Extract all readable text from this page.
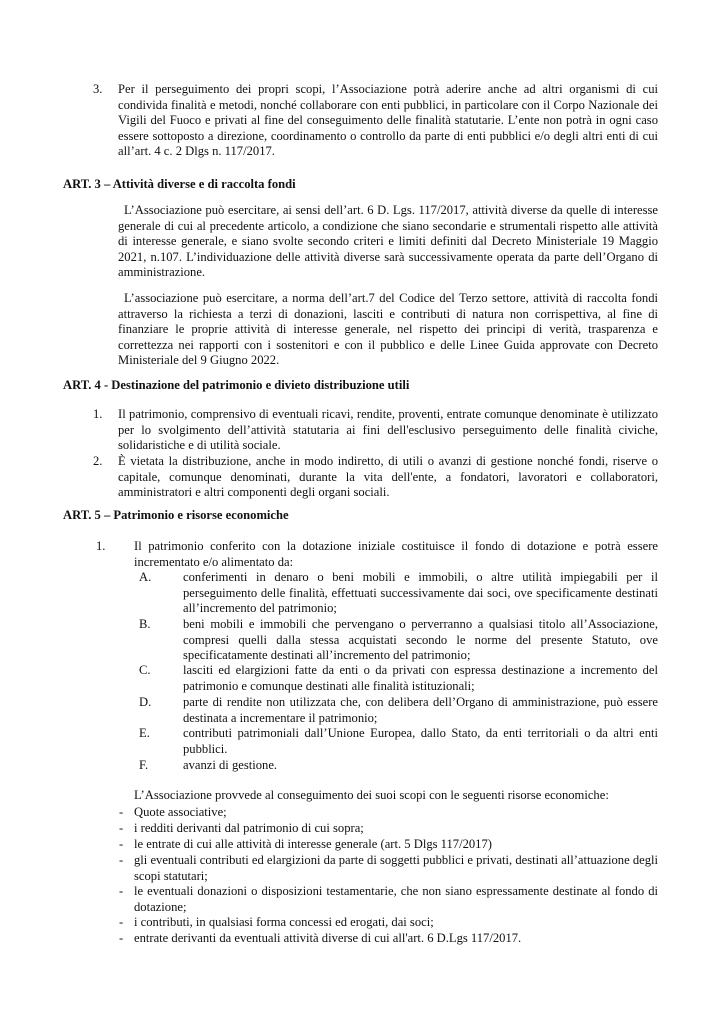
3. Per il perseguimento dei propri scopi, l’Associazione potrà aderire anche ad altri organismi di cui condivida finalità e metodi, nonché collaborare con enti pubblici, in particolare con il Corpo Nazionale dei Vigili del Fuoco e privati al fine del conseguimento delle finalità statutarie. L’ente non potrà in ogni caso essere sottoposto a direzione, coordinamento o controllo da parte di enti pubblici e/o degli altri enti di cui all’art. 4 c. 2 Dlgs n. 117/2017.

ART. 3 – Attività diverse e di raccolta fondi

L’Associazione può esercitare, ai sensi dell’art. 6 D. Lgs. 117/2017, attività diverse da quelle di interesse generale di cui al precedente articolo, a condizione che siano secondarie e strumentali rispetto alle attività di interesse generale, e siano svolte secondo criteri e limiti definiti dal Decreto Ministeriale 19 Maggio 2021, n.107. L’individuazione delle attività diverse sarà successivamente operata da parte dell’Organo di amministrazione.

L’associazione può esercitare, a norma dell’art.7 del Codice del Terzo settore, attività di raccolta fondi attraverso la richiesta a terzi di donazioni, lasciti e contributi di natura non corrispettiva, al fine di finanziare le proprie attività di interesse generale, nel rispetto dei principi di verità, trasparenza e correttezza nei rapporti con i sostenitori e con il pubblico e delle Linee Guida approvate con Decreto Ministeriale del 9 Giugno 2022.

ART. 4 - Destinazione del patrimonio e divieto distribuzione utili

1. Il patrimonio, comprensivo di eventuali ricavi, rendite, proventi, entrate comunque denominate è utilizzato per lo svolgimento dell’attività statutaria ai fini dell'esclusivo perseguimento delle finalità civiche, solidaristiche e di utilità sociale.

2. È vietata la distribuzione, anche in modo indiretto, di utili o avanzi di gestione nonché fondi, riserve o capitale, comunque denominati, durante la vita dell'ente, a fondatori, lavoratori e collaboratori, amministratori e altri componenti degli organi sociali.

ART. 5 – Patrimonio e risorse economiche

1. Il patrimonio conferito con la dotazione iniziale costituisce il fondo di dotazione e potrà essere incrementato e/o alimentato da:

A.	conferimenti in denaro o beni mobili e immobili, o altre utilità impiegabili per il perseguimento delle finalità, effettuati successivamente dai soci, ove specificamente destinati all’incremento del patrimonio;

B.	beni mobili e immobili che pervengano o perverranno a qualsiasi titolo all’Associazione, compresi quelli dalla stessa acquistati secondo le norme del presente Statuto, ove specificatamente destinati all’incremento del patrimonio;

C.	lasciti ed elargizioni fatte da enti o da privati con espressa destinazione a incremento del patrimonio e comunque destinati alle finalità istituzionali;

D.	parte di rendite non utilizzata che, con delibera dell’Organo di amministrazione, può essere destinata a incrementare il patrimonio;

E.	contributi patrimoniali dall’Unione Europea, dallo Stato, da enti territoriali o da altri enti pubblici.

F.	avanzi di gestione.

L’Associazione provvede al conseguimento dei suoi scopi con le seguenti risorse economiche:

- Quote associative;

- i redditi derivanti dal patrimonio di cui sopra;

- le entrate di cui alle attività di interesse generale (art. 5 Dlgs 117/2017)

- gli eventuali contributi ed elargizioni da parte di soggetti pubblici e privati, destinati all’attuazione degli scopi statutari;

- le eventuali donazioni o disposizioni testamentarie, che non siano espressamente destinate al fondo di dotazione;

- i contributi, in qualsiasi forma concessi ed erogati, dai soci;

- entrate derivanti da eventuali attività diverse di cui all'art. 6 D.Lgs 117/2017.
